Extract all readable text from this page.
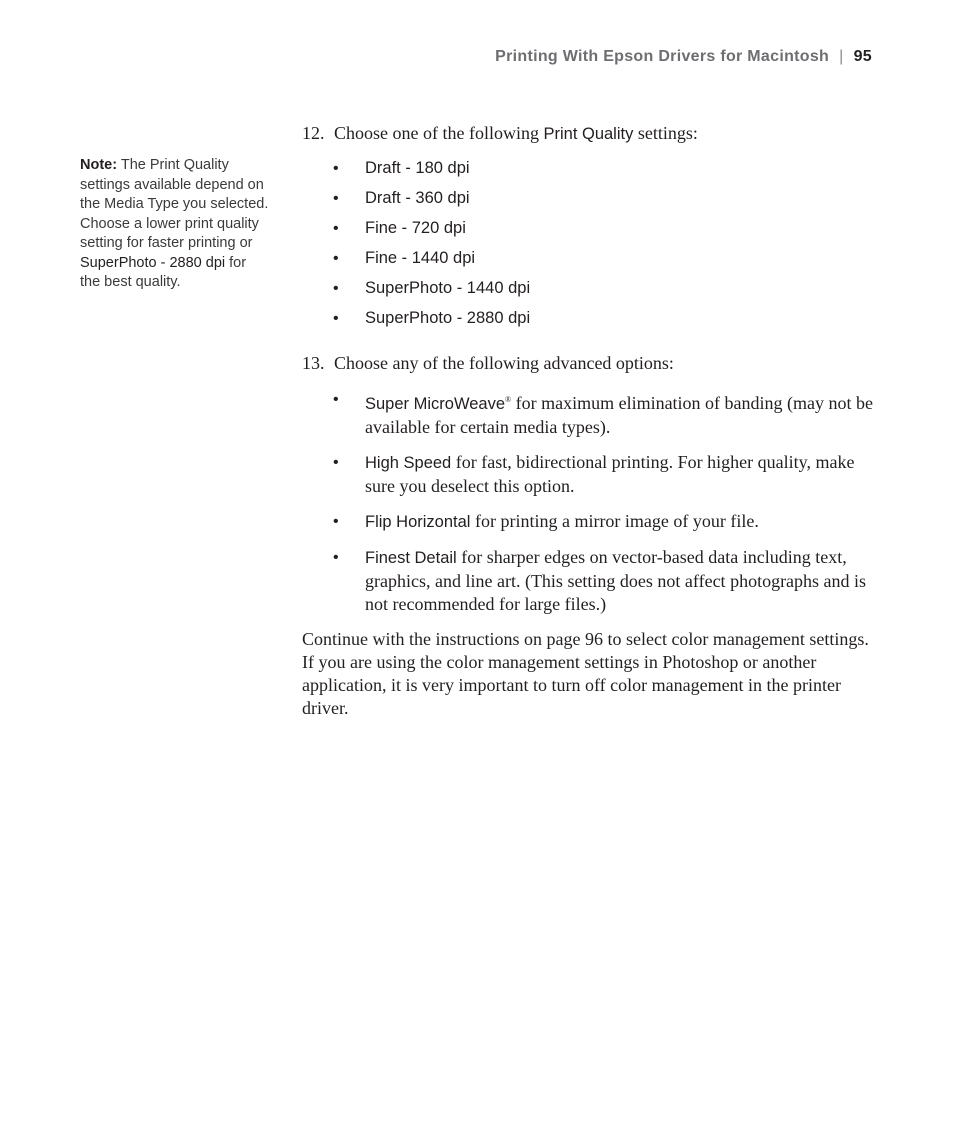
Printing With Epson Drivers for Macintosh | 95
Note: The Print Quality settings available depend on the Media Type you selected. Choose a lower print quality setting for faster printing or SuperPhoto - 2880 dpi for the best quality.
12. Choose one of the following Print Quality settings:
• Draft - 180 dpi
• Draft - 360 dpi
• Fine - 720 dpi
• Fine - 1440 dpi
• SuperPhoto - 1440 dpi
• SuperPhoto - 2880 dpi
13. Choose any of the following advanced options:
• Super MicroWeave® for maximum elimination of banding (may not be available for certain media types).
• High Speed for fast, bidirectional printing. For higher quality, make sure you deselect this option.
• Flip Horizontal for printing a mirror image of your file.
• Finest Detail for sharper edges on vector-based data including text, graphics, and line art. (This setting does not affect photographs and is not recommended for large files.)

Continue with the instructions on page 96 to select color management settings. If you are using the color management settings in Photoshop or another application, it is very important to turn off color management in the printer driver.
